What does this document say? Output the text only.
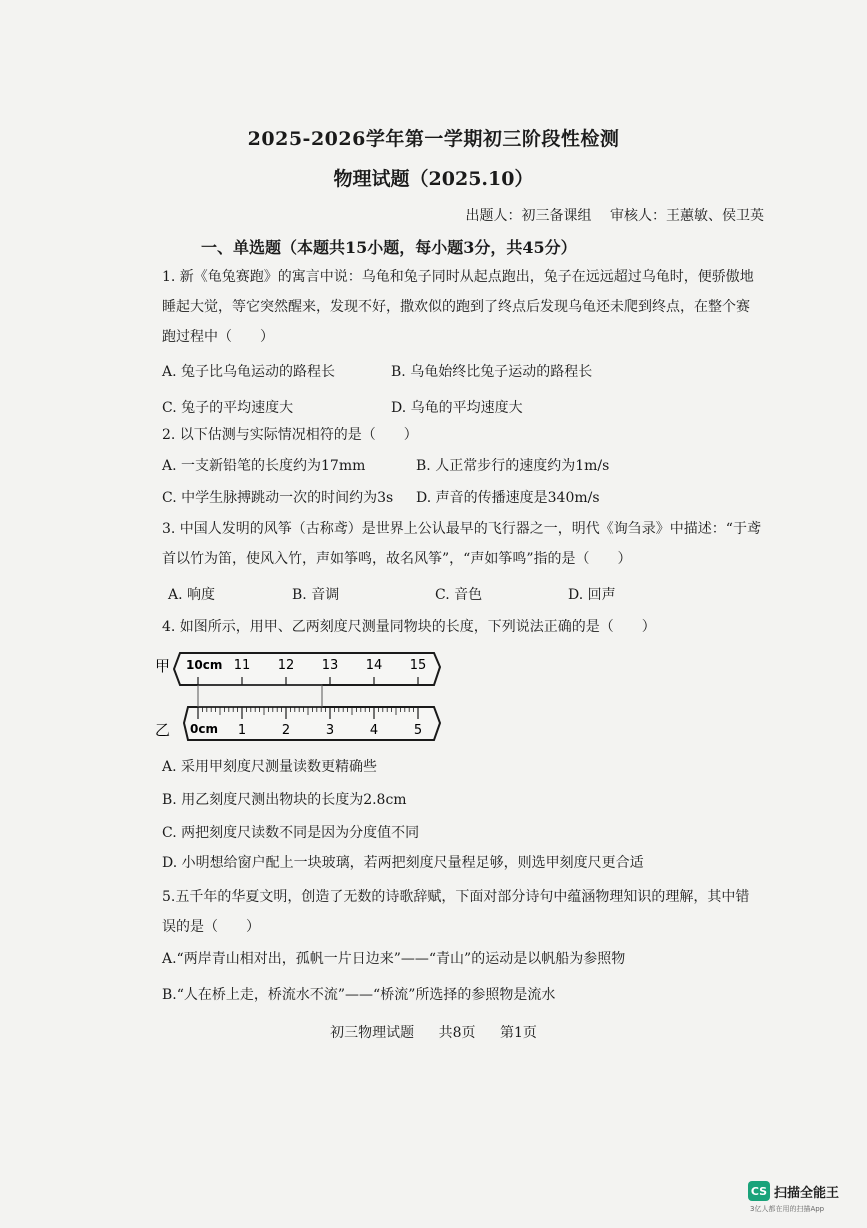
2025-2026学年第一学期初三阶段性检测
物理试题（2025.10）
出题人：初三备课组 审核人：王蕙敏、侯卫英
一、单选题（本题共15小题，每小题3分，共45分）
1. 新《龟兔赛跑》的寓言中说：乌龟和兔子同时从起点跑出，兔子在远远超过乌龟时，便骄傲地睡起大觉，等它突然醒来，发现不好，撒欢似的跑到了终点后发现乌龟还未爬到终点，在整个赛跑过程中（　　）
A. 兔子比乌龟运动的路程长	B. 乌龟始终比兔子运动的路程长
C. 兔子的平均速度大	D. 乌龟的平均速度大
2. 以下估测与实际情况相符的是（　　）
A. 一支新铅笔的长度约为17mm	B. 人正常步行的速度约为1m/s
C. 中学生脉搏跳动一次的时间约为3s D. 声音的传播速度是340m/s
3. 中国人发明的风筝（古称鸢）是世界上公认最早的飞行器之一，明代《询刍录》中描述：“于鸢首以竹为笛，使风入竹，声如筝鸣，故名风筝”，“声如筝鸣”指的是（　　）
A. 响度	B. 音调	C. 音色	D. 回声
4. 如图所示，用甲、乙两刻度尺测量同物块的长度，下列说法正确的是（　　）
甲
乙
11 12 13 14 15
1	2	3	4	5
10cm
0cm
A. 采用甲刻度尺测量读数更精确些
B. 用乙刻度尺测出物块的长度为2.8cm
C. 两把刻度尺读数不同是因为分度值不同
D. 小明想给窗户配上一块玻璃，若两把刻度尺量程足够，则选甲刻度尺更合适
5.五千年的华夏文明，创造了无数的诗歌辞赋，下面对部分诗句中蕴涵物理知识的理解，其中错误的是（　　）
A.“两岸青山相对出，孤帆一片日边来”——“青山”的运动是以帆船为参照物
B.“人在桥上走，桥流水不流”——“桥流”所选择的参照物是流水
初三物理试题 共8页 第1页
CS 扫描全能王
3亿人都在用的扫描App
